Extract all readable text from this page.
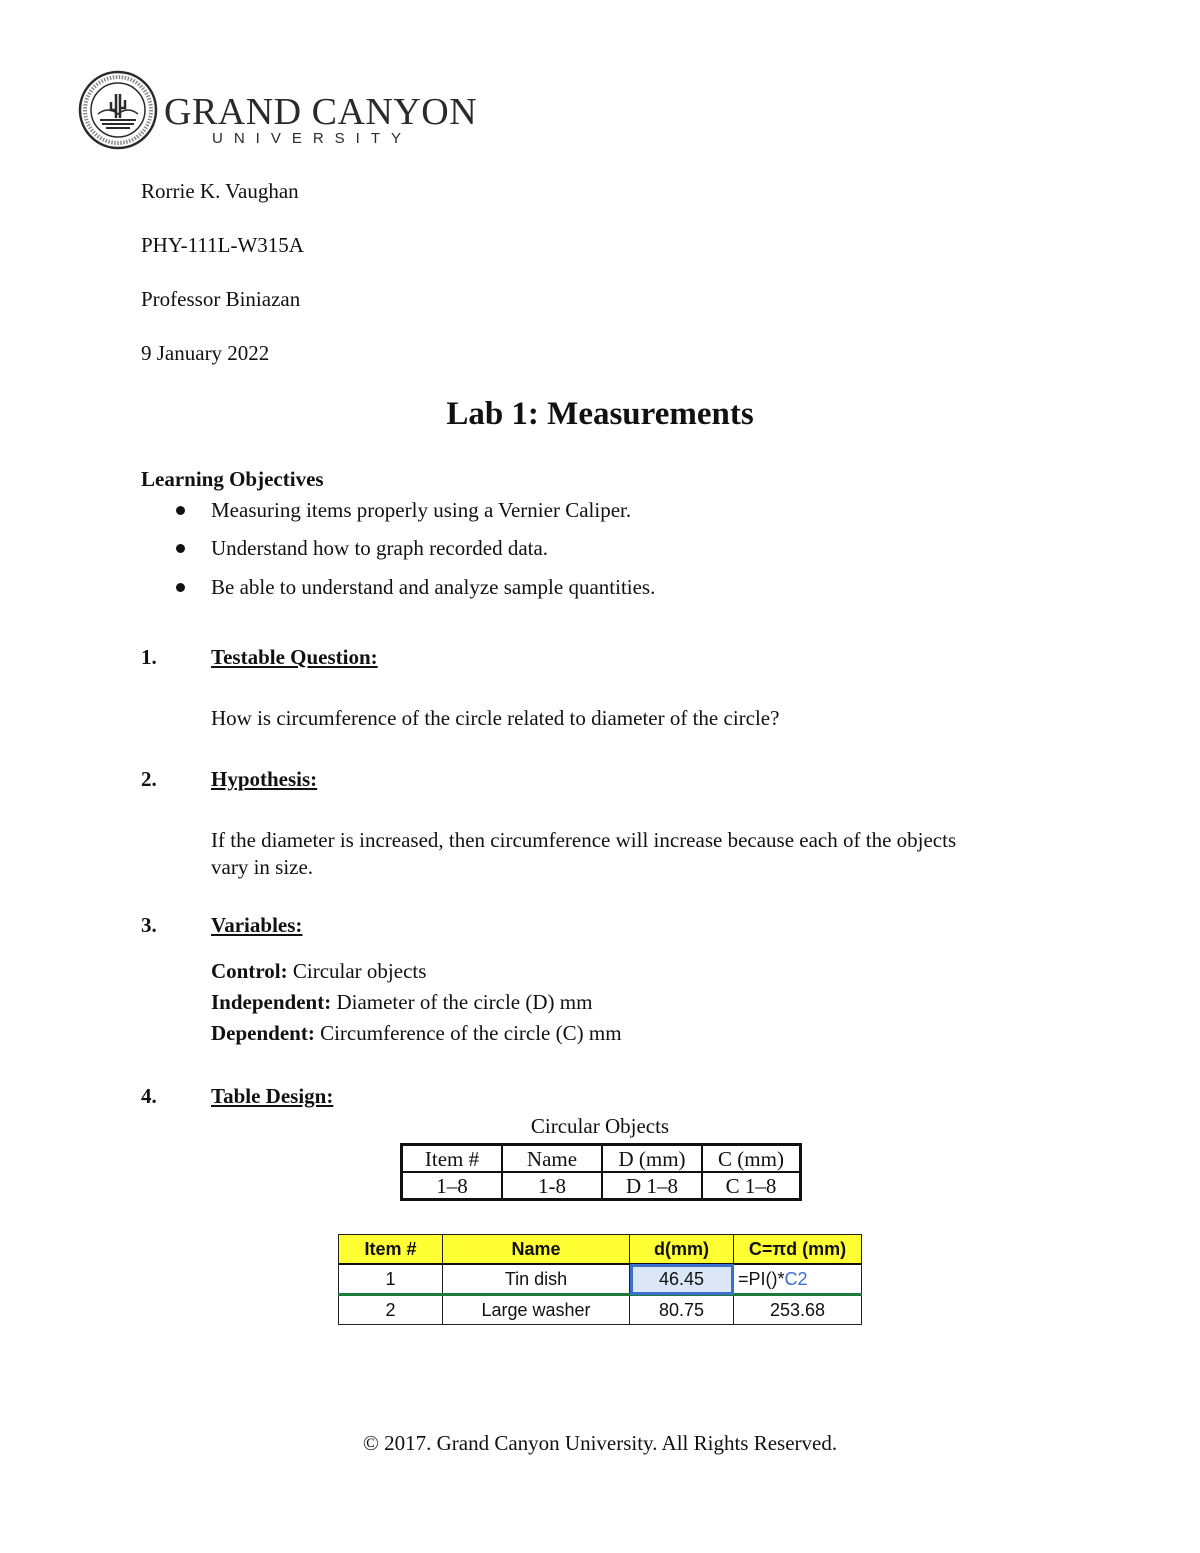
GRAND CANYON
UNIVERSITY
Rorrie K. Vaughan
PHY-111L-W315A
Professor Biniazan
9 January 2022
Lab 1: Measurements
Learning Objectives
Measuring items properly using a Vernier Caliper.
Understand how to graph recorded data.
Be able to understand and analyze sample quantities.
1.	Testable Question:
How is circumference of the circle related to diameter of the circle?
2.	Hypothesis:
If the diameter is increased, then circumference will increase because each of the objects
vary in size.
3.	Variables:
Control: Circular objects
Independent: Diameter of the circle (D) mm
Dependent: Circumference of the circle (C) mm
4.	Table Design:
Circular Objects
Item #	Name	D (mm)	C (mm)
1–8	1-8	D 1–8	C 1–8
Item #	Name	d(mm)	C=πd (mm)
1	Tin dish	46.45	=PI()*C2
2	Large washer	80.75	253.68
© 2017. Grand Canyon University. All Rights Reserved.
